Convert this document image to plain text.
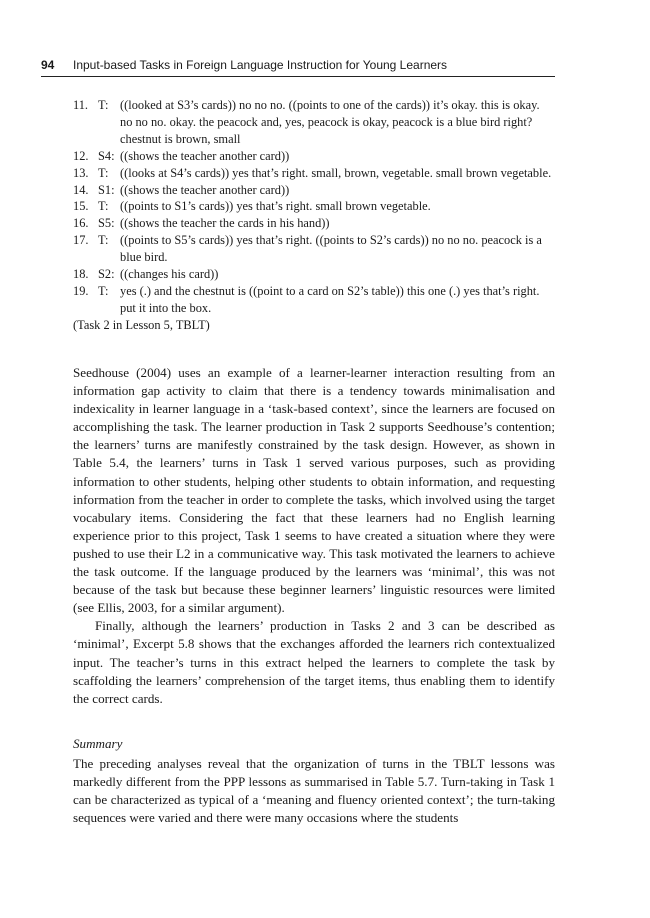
94 Input-based Tasks in Foreign Language Instruction for Young Learners
11. T: ((looked at S3’s cards)) no no no. ((points to one of the cards)) it’s okay. this is okay. no no no. okay. the peacock and, yes, peacock is okay, peacock is a blue bird right? chestnut is brown, small
12. S4: ((shows the teacher another card))
13. T: ((looks at S4’s cards)) yes that’s right. small, brown, vegetable. small brown vegetable.
14. S1: ((shows the teacher another card))
15. T: ((points to S1’s cards)) yes that’s right. small brown vegetable.
16. S5: ((shows the teacher the cards in his hand))
17. T: ((points to S5’s cards)) yes that’s right. ((points to S2’s cards)) no no no. peacock is a blue bird.
18. S2: ((changes his card))
19. T: yes (.) and the chestnut is ((point to a card on S2’s table)) this one (.) yes that’s right. put it into the box.
(Task 2 in Lesson 5, TBLT)

Seedhouse (2004) uses an example of a learner-learner interaction resulting from an information gap activity to claim that there is a tendency towards minimalisation and indexicality in learner language in a ‘task-based context’, since the learners are focused on accomplishing the task. The learner production in Task 2 supports Seedhouse’s contention; the learners’ turns are manifestly constrained by the task design. However, as shown in Table 5.4, the learners’ turns in Task 1 served various purposes, such as providing information to other students, helping other students to obtain information, and requesting information from the teacher in order to complete the tasks, which involved using the target vocabulary items. Considering the fact that these learners had no English learning experience prior to this project, Task 1 seems to have created a situation where they were pushed to use their L2 in a communicative way. This task motivated the learners to achieve the task outcome. If the language produced by the learners was ‘minimal’, this was not because of the task but because these beginner learners’ linguistic resources were limited (see Ellis, 2003, for a similar argument).

Finally, although the learners’ production in Tasks 2 and 3 can be described as ‘minimal’, Excerpt 5.8 shows that the exchanges afforded the learners rich contextualized input. The teacher’s turns in this extract helped the learners to complete the task by scaffolding the learners’ comprehension of the target items, thus enabling them to identify the correct cards.

Summary

The preceding analyses reveal that the organization of turns in the TBLT lessons was markedly different from the PPP lessons as summarised in Table 5.7. Turn-taking in Task 1 can be characterized as typical of a ‘meaning and fluency oriented context’; the turn-taking sequences were varied and there were many occasions where the students
